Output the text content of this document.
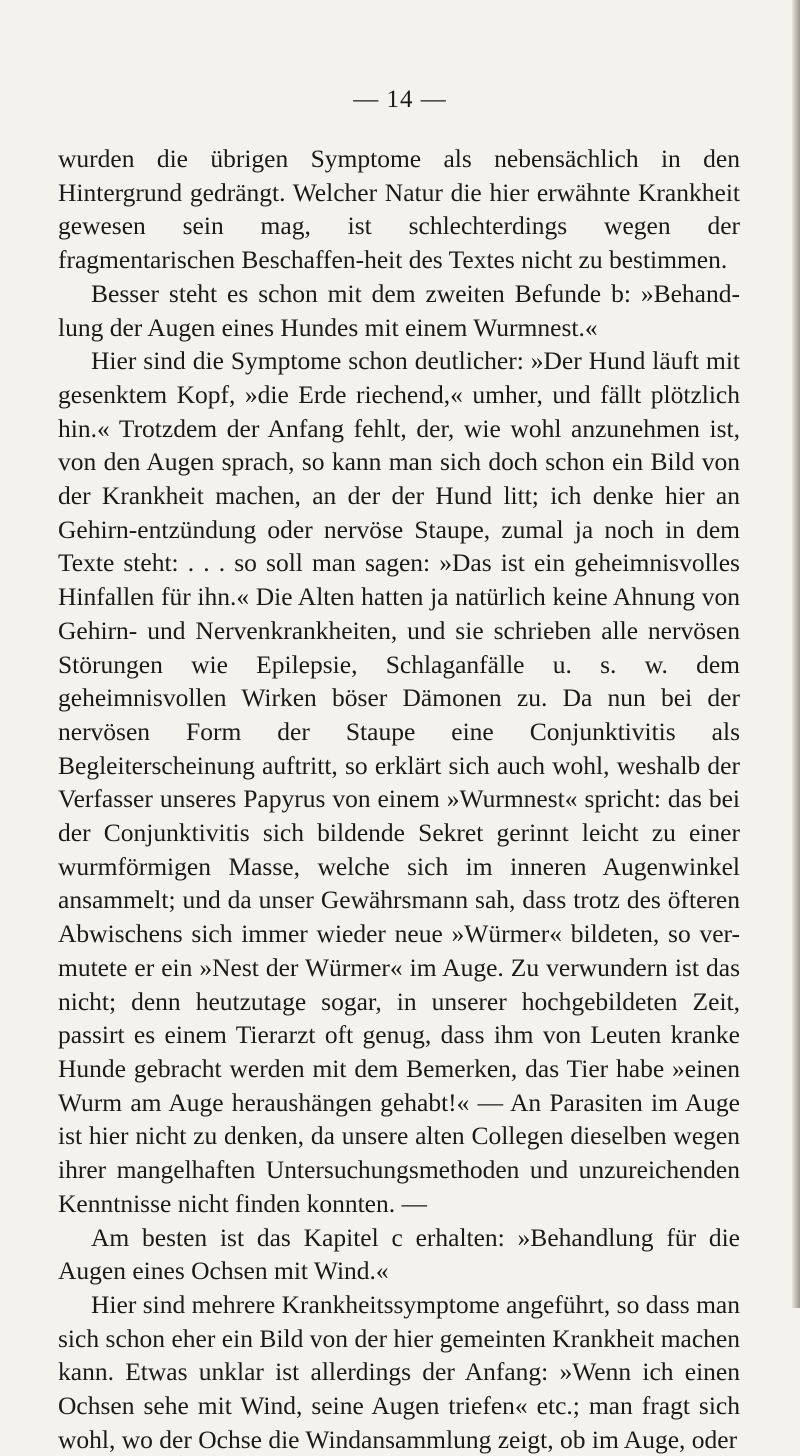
— 14 —

wurden die übrigen Symptome als nebensächlich in den Hintergrund gedrängt. Welcher Natur die hier erwähnte Krankheit gewesen sein mag, ist schlechterdings wegen der fragmentarischen Beschaffen-heit des Textes nicht zu bestimmen.

Besser steht es schon mit dem zweiten Befunde b: »Behand-lung der Augen eines Hundes mit einem Wurmnest.«

Hier sind die Symptome schon deutlicher: »Der Hund läuft mit gesenktem Kopf, »die Erde riechend,« umher, und fällt plötzlich hin.« Trotzdem der Anfang fehlt, der, wie wohl anzunehmen ist, von den Augen sprach, so kann man sich doch schon ein Bild von der Krankheit machen, an der der Hund litt; ich denke hier an Gehirn-entzündung oder nervöse Staupe, zumal ja noch in dem Texte steht: . . . so soll man sagen: »Das ist ein geheimnisvolles Hinfallen für ihn.« Die Alten hatten ja natürlich keine Ahnung von Gehirn- und Nervenkrankheiten, und sie schrieben alle nervösen Störungen wie Epilepsie, Schlaganfälle u. s. w. dem geheimnisvollen Wirken böser Dämonen zu. Da nun bei der nervösen Form der Staupe eine Conjunktivitis als Begleiterscheinung auftritt, so erklärt sich auch wohl, weshalb der Verfasser unseres Papyrus von einem »Wurmnest« spricht: das bei der Conjunktivitis sich bildende Sekret gerinnt leicht zu einer wurmförmigen Masse, welche sich im inneren Augenwinkel ansammelt; und da unser Gewährsmann sah, dass trotz des öfteren Abwischens sich immer wieder neue »Würmer« bildeten, so ver-mutete er ein »Nest der Würmer« im Auge. Zu verwundern ist das nicht; denn heutzutage sogar, in unserer hochgebildeten Zeit, passirt es einem Tierarzt oft genug, dass ihm von Leuten kranke Hunde gebracht werden mit dem Bemerken, das Tier habe »einen Wurm am Auge heraushängen gehabt!« — An Parasiten im Auge ist hier nicht zu denken, da unsere alten Collegen dieselben wegen ihrer mangelhaften Untersuchungsmethoden und unzureichenden Kenntnisse nicht finden konnten. —

Am besten ist das Kapitel c erhalten: »Behandlung für die Augen eines Ochsen mit Wind.«

Hier sind mehrere Krankheitssymptome angeführt, so dass man sich schon eher ein Bild von der hier gemeinten Krankheit machen kann. Etwas unklar ist allerdings der Anfang: »Wenn ich einen Ochsen sehe mit Wind, seine Augen triefen« etc.; man fragt sich wohl, wo der Ochse die Windansammlung zeigt, ob im Auge, oder
